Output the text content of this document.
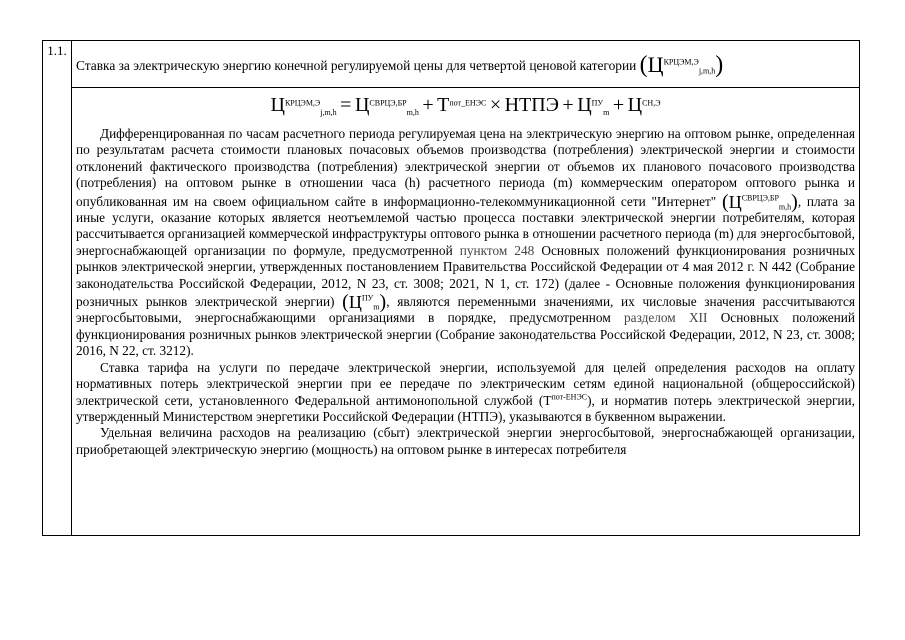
1.1.	
Ставка за электрическую энергию конечной регулируемой цены для четвертой ценовой категории $(Ц^{КРЦЭМ,Э}_{j,m,h})$

$Ц^{КРЦЭМ,Э}_{j,m,h} = Ц^{СВРЦЭ,БР}_{m,h} + Т^{пот\_ЕНЭС}$ × НТПЭ + $Ц^{ПУ}_m + Ц^{СН,Э}$

Дифференцированная по часам расчетного периода регулируемая цена на электрическую энергию на оптовом рынке, определенная по результатам расчета стоимости плановых почасовых объемов производства (потребления) электрической энергии и стоимости отклонений фактического производства (потребления) электрической энергии от объемов их планового почасового производства (потребления) на оптовом рынке в отношении часа (h) расчетного периода (m) коммерческим оператором оптового рынка и опубликованная им на своем официальном сайте в информационно-телекоммуникационной сети "Интернет" $(Ц^{СВРЦЭ,БР}_{m,h})$, плата за иные услуги, оказание которых является неотъемлемой частью процесса поставки электрической энергии потребителям, которая рассчитывается организацией коммерческой инфраструктуры оптового рынка в отношении расчетного периода (m) для энергосбытовой, энергоснабжающей организации по формуле, предусмотренной пунктом 248 Основных положений функционирования розничных рынков электрической энергии, утвержденных постановлением Правительства Российской Федерации от 4 мая 2012 г. N 442 (Собрание законодательства Российской Федерации, 2012, N 23, ст. 3008; 2021, N 1, ст. 172) (далее - Основные положения функционирования розничных рынков электрической энергии) $(Ц^{ПУ}_m)$, являются переменными значениями, их числовые значения рассчитываются энергосбытовыми, энергоснабжающими организациями в порядке, предусмотренном разделом XII Основных положений функционирования розничных рынков электрической энергии (Собрание законодательства Российской Федерации, 2012, N 23, ст. 3008; 2016, N 22, ст. 3212).

Ставка тарифа на услуги по передаче электрической энергии, используемой для целей определения расходов на оплату нормативных потерь электрической энергии при ее передаче по электрическим сетям единой национальной (общероссийской) электрической сети, установленного Федеральной антимонопольной службой $(Т^{пот-ЕНЭС})$, и норматив потерь электрической энергии, утвержденный Министерством энергетики Российской Федерации (НТПЭ), указываются в буквенном выражении.

Удельная величина расходов на реализацию (сбыт) электрической энергии энергосбытовой, энергоснабжающей организации, приобретающей электрическую энергию (мощность) на оптовом рынке в интересах потребителя
